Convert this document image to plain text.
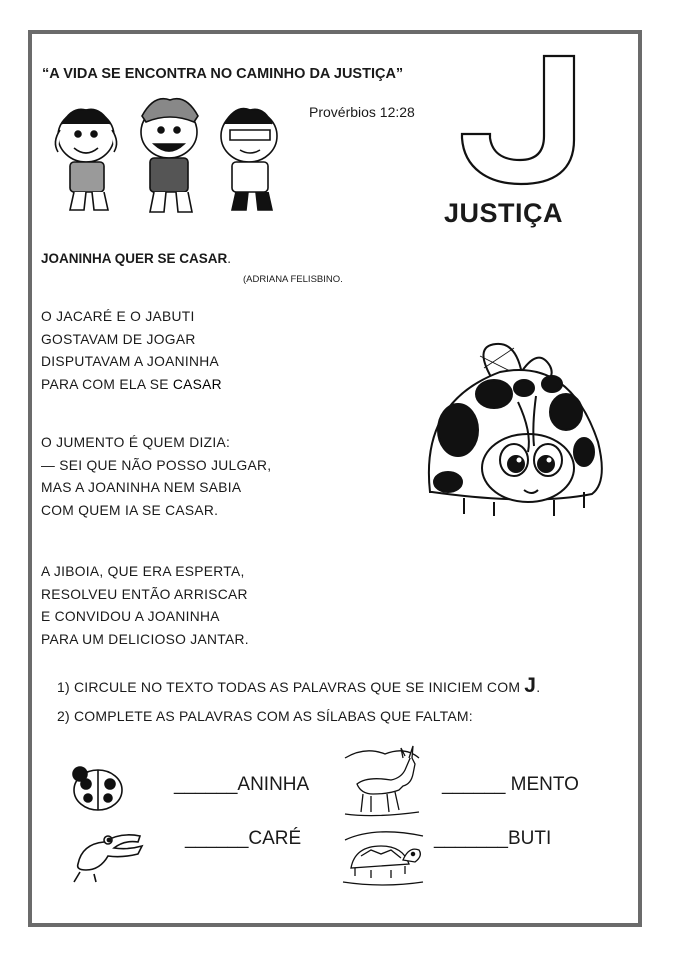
“A VIDA SE ENCONTRA NO CAMINHO DA JUSTIÇA”
Provérbios 12:28
JUSTIÇA
JOANINHA QUER SE CASAR.
(ADRIANA FELISBINO.
O JACARÉ E O JABUTI
GOSTAVAM DE JOGAR
DISPUTAVAM A JOANINHA
PARA COM ELA SE CASAR
O JUMENTO É QUEM DIZIA:
— SEI QUE NÃO POSSO JULGAR,
MAS A JOANINHA NEM SABIA
COM QUEM IA SE CASAR.
A JIBOIA, QUE ERA ESPERTA,
RESOLVEU ENTÃO ARRISCAR
E CONVIDOU A JOANINHA
PARA UM DELICIOSO JANTAR.
1) CIRCULE NO TEXTO TODAS AS PALAVRAS QUE SE INICIEM COM J.
2) COMPLETE AS PALAVRAS COM AS SÍLABAS QUE FALTAM:
______ANINHA	______ MENTO
______CARÉ	_______BUTI
